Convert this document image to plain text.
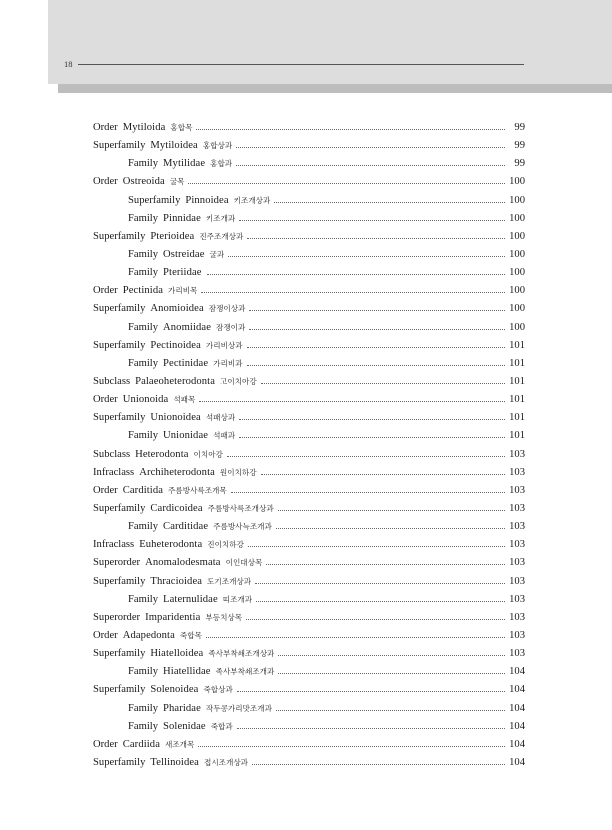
18
Order Mytiloida 홍합목	99
Superfamily Mytiloidea 홍합상과	99
Family Mytilidae 홍합과	99
Order Ostreoida 굴목	100
Superfamily Pinnoidea 키조개상과	100
Family Pinnidae 키조개과	100
Superfamily Pterioidea 진주조개상과	100
Family Ostreidae 굴과	100
Family Pteriidae	100
Order Pectinida 가리비목	100
Superfamily Anomioidea 잠쟁이상과	100
Family Anomiidae 잠쟁이과	100
Superfamily Pectinoidea 가리비상과	101
Family Pectinidae 가리비과	101
Subclass Palaeoheterodonta 고이치아강	101
Order Unionoida 석패목	101
Superfamily Unionoidea 석패상과	101
Family Unionidae 석패과	101
Subclass Heterodonta 이치아강	103
Infraclass Archiheterodonta 원이치하강	103
Order Carditida 주름방사륵조개목	103
Superfamily Cardicoidea 주름방사륵조개상과	103
Family Carditidae 주름방사늑조개과	103
Infraclass Euheterodonta 진이치하강	103
Superorder Anomalodesmata 이인대상목	103
Superfamily Thracioidea 도기조개상과	103
Family Laternulidae 띠조개과	103
Superorder Imparidentia 부등치상목	103
Order Adapedonta 죽합목	103
Superfamily Hiatelloidea 족사부착쇄조개상과	103
Family Hiatellidae 족사부착쇄조개과	104
Superfamily Solenoidea 죽합상과	104
Family Pharidae 작두콩가리맛조개과	104
Family Solenidae 죽합과	104
Order Cardiida 새조개목	104
Superfamily Tellinoidea 접시조개상과	104
